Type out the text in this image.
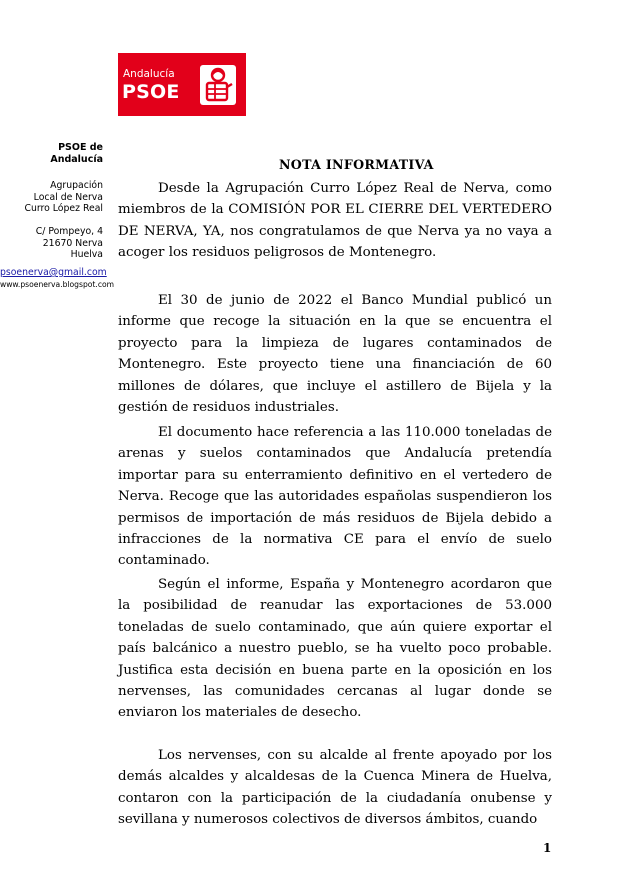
Andalucía
PSOE
PSOE de
Andalucía
Agrupación
Local de Nerva
Curro López Real
C/ Pompeyo, 4
21670 Nerva
Huelva
psoenerva@gmail.com
www.psoenerva.blogspot.com
NOTA INFORMATIVA

Desde la Agrupación Curro López Real de Nerva, como miembros de la COMISIÓN POR EL CIERRE DEL VERTEDERO DE NERVA, YA, nos congratulamos de que Nerva ya no vaya a acoger los residuos peligrosos de Montenegro.

El 30 de junio de 2022 el Banco Mundial publicó un informe que recoge la situación en la que se encuentra el proyecto para la limpieza de lugares contaminados de Montenegro. Este proyecto tiene una financiación de 60 millones de dólares, que incluye el astillero de Bijela y la gestión de residuos industriales.

El documento hace referencia a las 110.000 toneladas de arenas y suelos contaminados que Andalucía pretendía importar para su enterramiento definitivo en el vertedero de Nerva. Recoge que las autoridades españolas suspendieron los permisos de importación de más residuos de Bijela debido a infracciones de la normativa CE para el envío de suelo contaminado.

Según el informe, España y Montenegro acordaron que la posibilidad de reanudar las exportaciones de 53.000 toneladas de suelo contaminado, que aún quiere exportar el país balcánico a nuestro pueblo, se ha vuelto poco probable. Justifica esta decisión en buena parte en la oposición en los nervenses, las comunidades cercanas al lugar donde se enviaron los materiales de desecho.

Los nervenses, con su alcalde al frente apoyado por los demás alcaldes y alcaldesas de la Cuenca Minera de Huelva, contaron con la participación de la ciudadanía onubense y sevillana y numerosos colectivos de diversos ámbitos, cuando

1
